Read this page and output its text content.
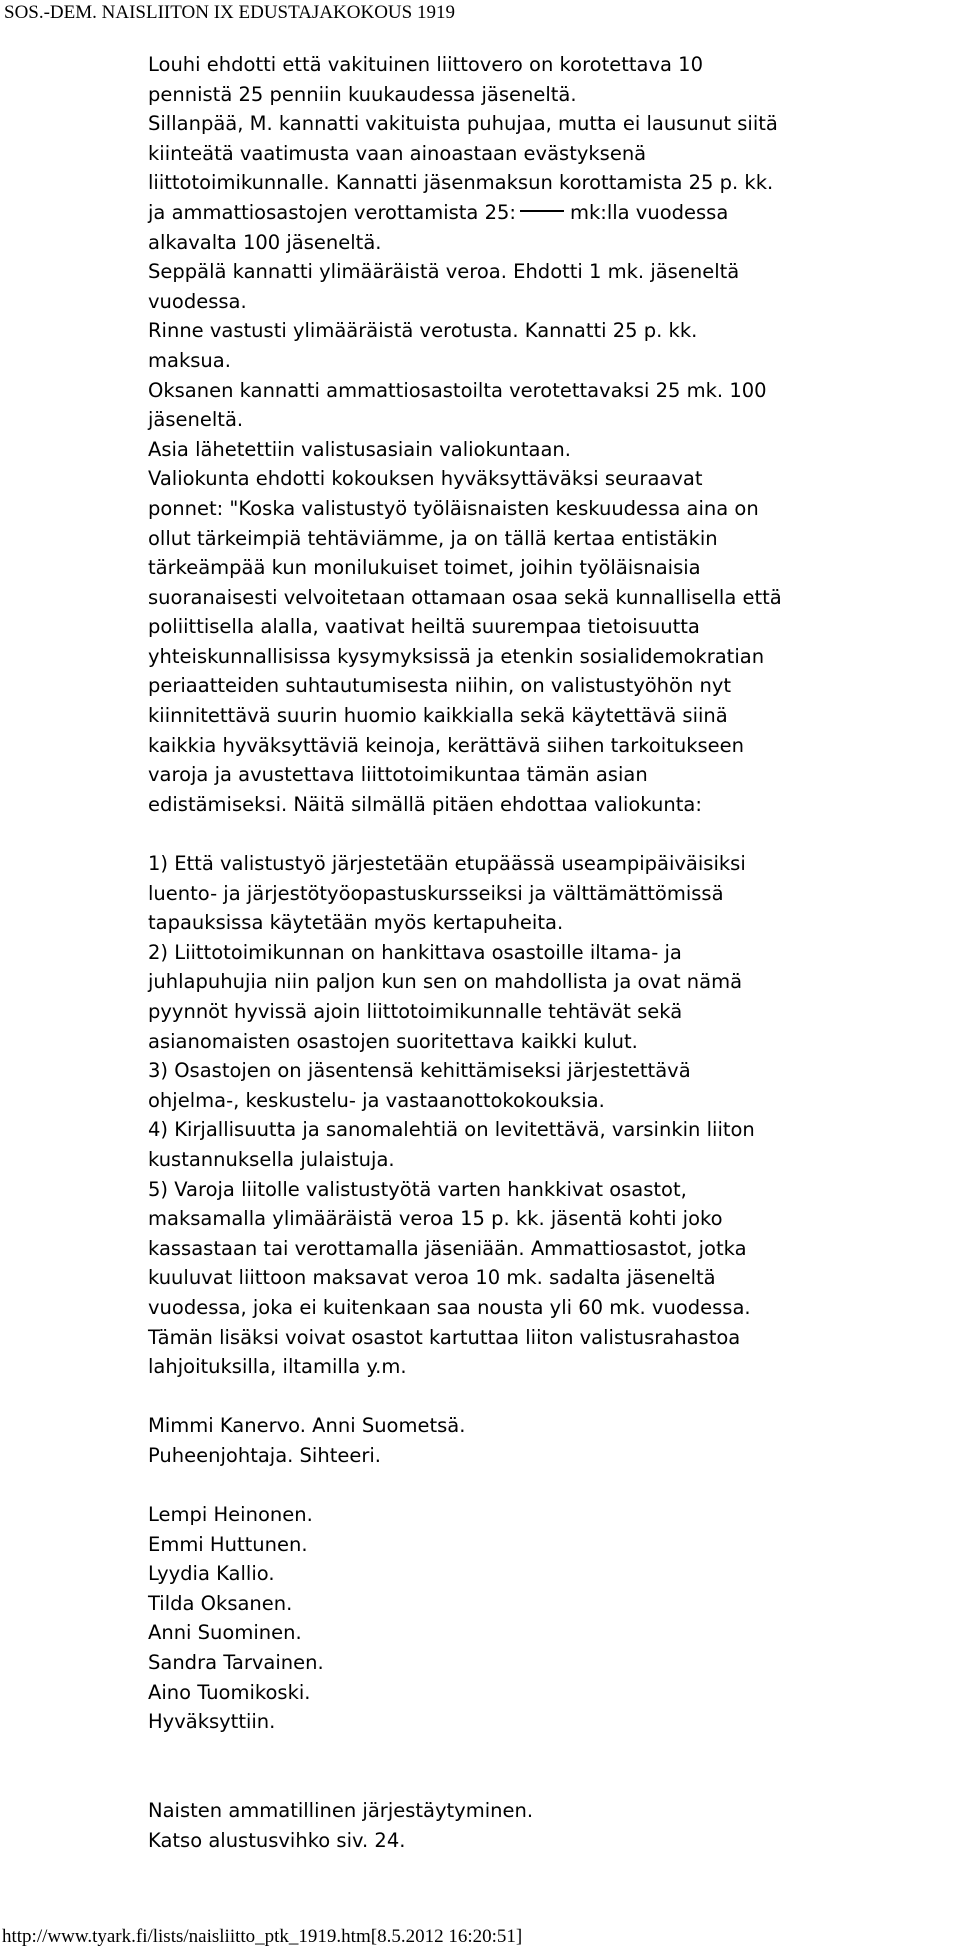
SOS.-DEM. NAISLIITON IX EDUSTAJAKOKOUS 1919
Louhi ehdotti että vakituinen liittovero on korotettava 10
pennistä 25 penniin kuukaudessa jäseneltä.
Sillanpää, M. kannatti vakituista puhujaa, mutta ei lausunut siitä
kiinteätä vaatimusta vaan ainoastaan evästyksenä
liittotoimikunnalle. Kannatti jäsenmaksun korottamista 25 p. kk.
ja ammattiosastojen verottamista 25:	mk:lla vuodessa
alkavalta 100 jäseneltä.
Seppälä kannatti ylimääräistä veroa. Ehdotti 1 mk. jäseneltä
vuodessa.
Rinne vastusti ylimääräistä verotusta. Kannatti 25 p. kk.
maksua.
Oksanen kannatti ammattiosastoilta verotettavaksi 25 mk. 100
jäseneltä.
Asia lähetettiin valistusasiain valiokuntaan.
Valiokunta ehdotti kokouksen hyväksyttäväksi seuraavat
ponnet: "Koska valistustyö työläisnaisten keskuudessa aina on
ollut tärkeimpiä tehtäviämme, ja on tällä kertaa entistäkin
tärkeämpää kun monilukuiset toimet, joihin työläisnaisia
suoranaisesti velvoitetaan ottamaan osaa sekä kunnallisella että
poliittisella alalla, vaativat heiltä suurempaa tietoisuutta
yhteiskunnallisissa kysymyksissä ja etenkin sosialidemokratian
periaatteiden suhtautumisesta niihin, on valistustyöhön nyt
kiinnitettävä suurin huomio kaikkialla sekä käytettävä siinä
kaikkia hyväksyttäviä keinoja, kerättävä siihen tarkoitukseen
varoja ja avustettava liittotoimikuntaa tämän asian
edistämiseksi. Näitä silmällä pitäen ehdottaa valiokunta:
1) Että valistustyö järjestetään etupäässä useampipäiväisiksi
luento- ja järjestötyöopastuskursseiksi ja välttämättömissä
tapauksissa käytetään myös kertapuheita.
2) Liittotoimikunnan on hankittava osastoille iltama- ja
juhlapuhujia niin paljon kun sen on mahdollista ja ovat nämä
pyynnöt hyvissä ajoin liittotoimikunnalle tehtävät sekä
asianomaisten osastojen suoritettava kaikki kulut.
3) Osastojen on jäsentensä kehittämiseksi järjestettävä
ohjelma-, keskustelu- ja vastaanottokokouksia.
4) Kirjallisuutta ja sanomalehtiä on levitettävä, varsinkin liiton
kustannuksella julaistuja.
5) Varoja liitolle valistustyötä varten hankkivat osastot,
maksamalla ylimääräistä veroa 15 p. kk. jäsentä kohti joko
kassastaan tai verottamalla jäseniään. Ammattiosastot, jotka
kuuluvat liittoon maksavat veroa 10 mk. sadalta jäseneltä
vuodessa, joka ei kuitenkaan saa nousta yli 60 mk. vuodessa.
Tämän lisäksi voivat osastot kartuttaa liiton valistusrahastoa
lahjoituksilla, iltamilla y.m.
Mimmi Kanervo. Anni Suometsä.
Puheenjohtaja. Sihteeri.
Lempi Heinonen.
Emmi Huttunen.
Lyydia Kallio.
Tilda Oksanen.
Anni Suominen.
Sandra Tarvainen.
Aino Tuomikoski.
Hyväksyttiin.
Naisten ammatillinen järjestäytyminen.
Katso alustusvihko siv. 24.
http://www.tyark.fi/lists/naisliitto_ptk_1919.htm[8.5.2012 16:20:51]
